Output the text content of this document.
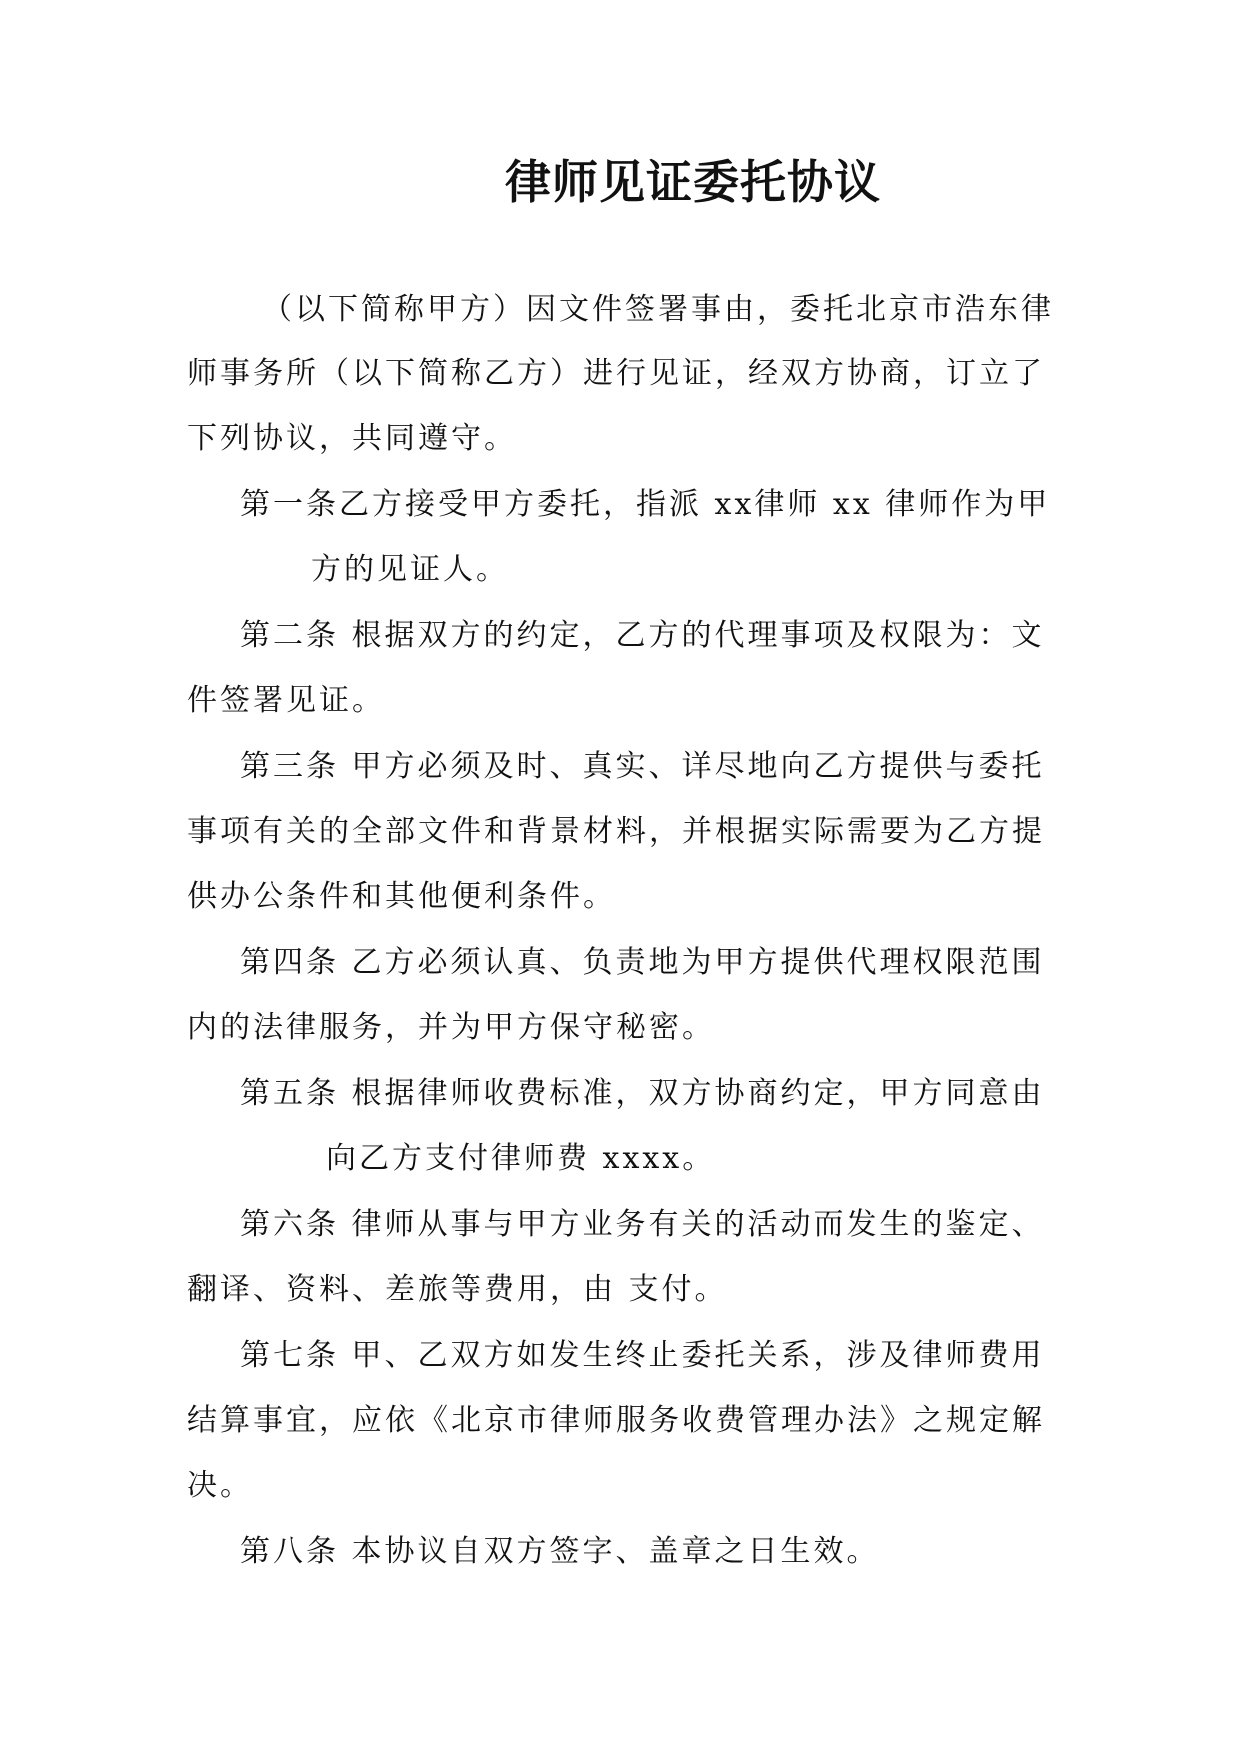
律师见证委托协议

（以下简称甲方）因文件签署事由，委托北京市浩东律

师事务所（以下简称乙方）进行见证，经双方协商，订立了

下列协议，共同遵守。

第一条乙方接受甲方委托，指派 xx律师 xx 律师作为甲

方的见证人。

第二条 根据双方的约定，乙方的代理事项及权限为：文

件签署见证。

第三条 甲方必须及时、真实、详尽地向乙方提供与委托

事项有关的全部文件和背景材料，并根据实际需要为乙方提

供办公条件和其他便利条件。

第四条 乙方必须认真、负责地为甲方提供代理权限范围

内的法律服务，并为甲方保守秘密。

第五条 根据律师收费标准，双方协商约定，甲方同意由

向乙方支付律师费 xxxx。

第六条 律师从事与甲方业务有关的活动而发生的鉴定、

翻译、资料、差旅等费用，由 支付。

第七条 甲、乙双方如发生终止委托关系，涉及律师费用

结算事宜，应依《北京市律师服务收费管理办法》之规定解

决。

第八条 本协议自双方签字、盖章之日生效。
